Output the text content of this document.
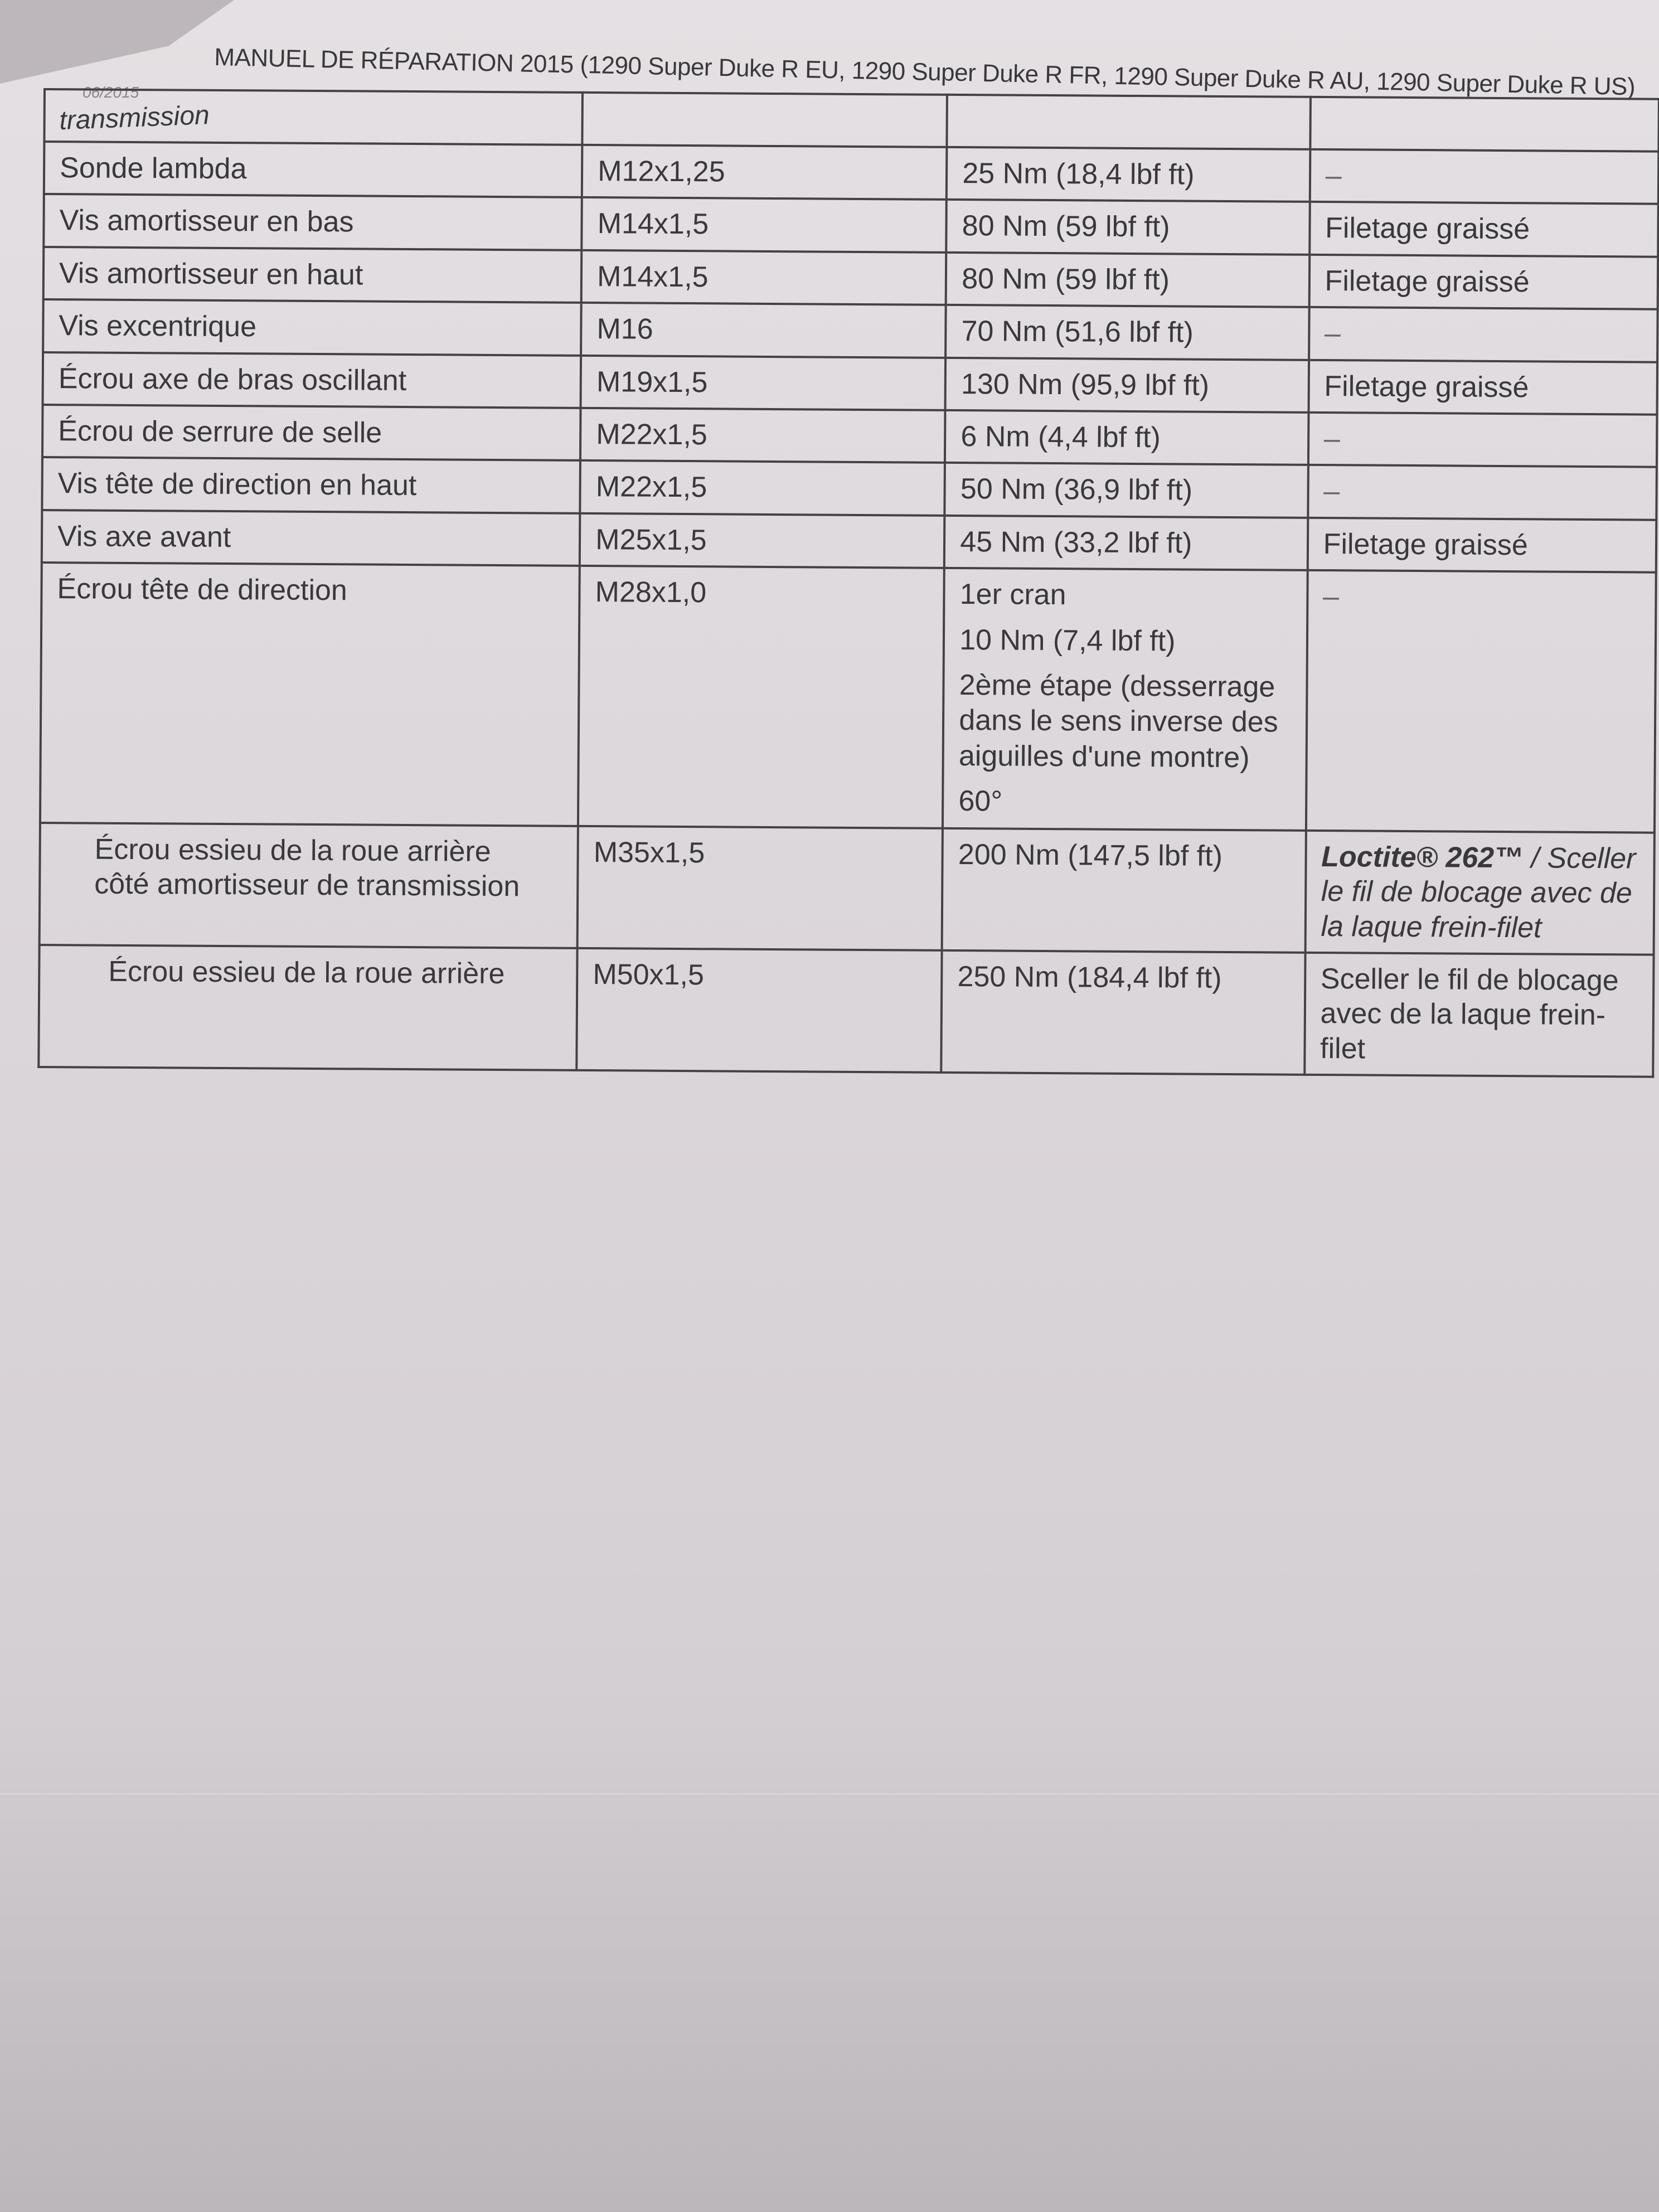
06/2015	MANUEL DE RÉPARATION 2015 (1290 Super Duke R EU, 1290 Super Duke R FR, 1290 Super Duke R AU, 1290 Super Duke R US)
transmission			
Sonde lambda	M12x1,25	25 Nm (18,4 lbf ft)	–
Vis amortisseur en bas	M14x1,5	80 Nm (59 lbf ft)	Filetage graissé
Vis amortisseur en haut	M14x1,5	80 Nm (59 lbf ft)	Filetage graissé
Vis excentrique	M16	70 Nm (51,6 lbf ft)	–
Écrou axe de bras oscillant	M19x1,5	130 Nm (95,9 lbf ft)	Filetage graissé
Écrou de serrure de selle	M22x1,5	6 Nm (4,4 lbf ft)	–
Vis tête de direction en haut	M22x1,5	50 Nm (36,9 lbf ft)	–
Vis axe avant	M25x1,5	45 Nm (33,2 lbf ft)	Filetage graissé
Écrou tête de direction	M28x1,0	1er cran
10 Nm (7,4 lbf ft)
2ème étape (desserrage dans le sens inverse des aiguilles d'une montre)
60°	–

Écrou essieu de la roue arrière
côté amortisseur de transmission	M35x1,5	200 Nm (147,5 lbf ft)	Loctite® 262™ / Sceller le fil de blocage avec de la laque frein-filet
Écrou essieu de la roue arrière	M50x1,5	250 Nm (184,4 lbf ft)	Sceller le fil de blocage avec de la laque frein-filet
